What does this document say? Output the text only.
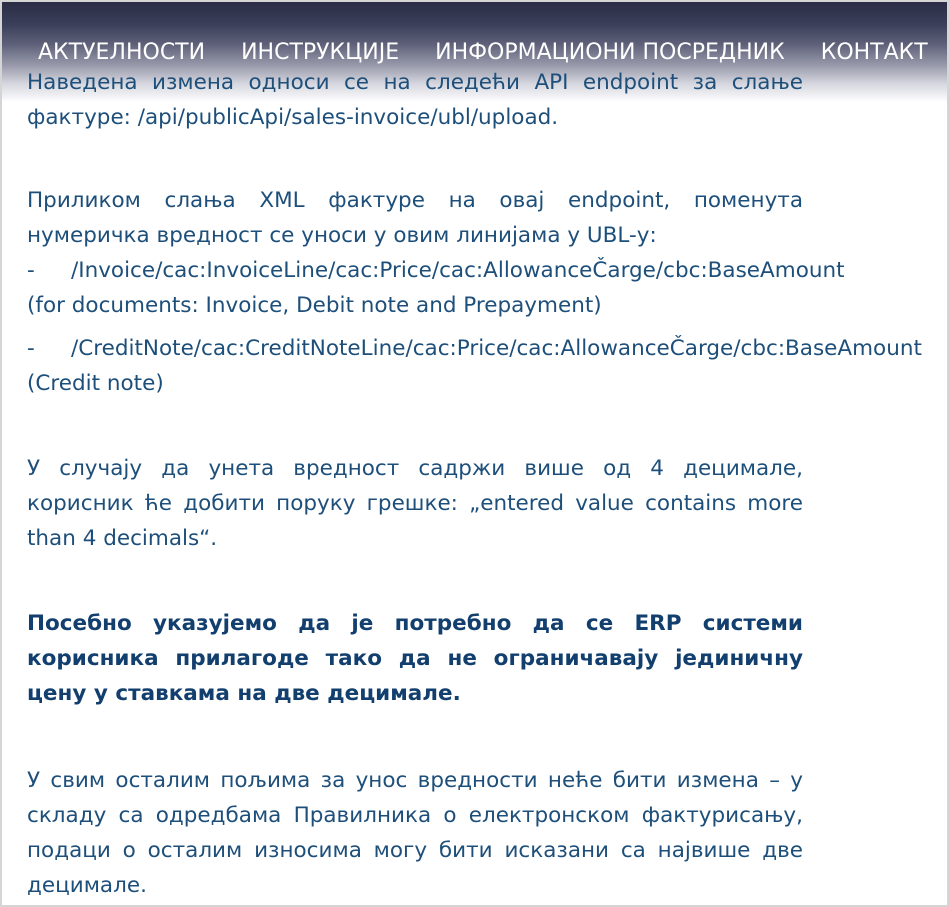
АКТУЕЛНОСТИ ИНСТРУКЦИЈЕ ИНФОРМАЦИОНИ ПОСРЕДНИК КОНТАКТ

Наведена измена односи се на следећи API endpoint за слање фактуре: /api/publicApi/sales-invoice/ubl/upload.

Приликом слања XML фактуре на овај endpoint, поменута нумеричка вредност се уноси у овим линијама у UBL-у:

-	/Invoice/cac:InvoiceLine/cac:Price/cac:AllowanceČarge/cbc:BaseAmount
(for documents: Invoice, Debit note and Prepayment)
-	/CreditNote/cac:CreditNoteLine/cac:Price/cac:AllowanceČarge/cbc:BaseAmount
(Credit note)

У случају да унета вредност садржи више од 4 децимале, корисник ће добити поруку грешке: „entered value contains more than 4 decimals“.

Посебно указујемо да је потребно да се ERP системи корисника прилагоде тако да не ограничавају јединичну цену у ставкама на две децимале.

У свим осталим пољима за унос вредности неће бити измена – у складу са одредбама Правилника о електронском фактурисању, подаци о осталим износима могу бити исказани са највише две децимале.
